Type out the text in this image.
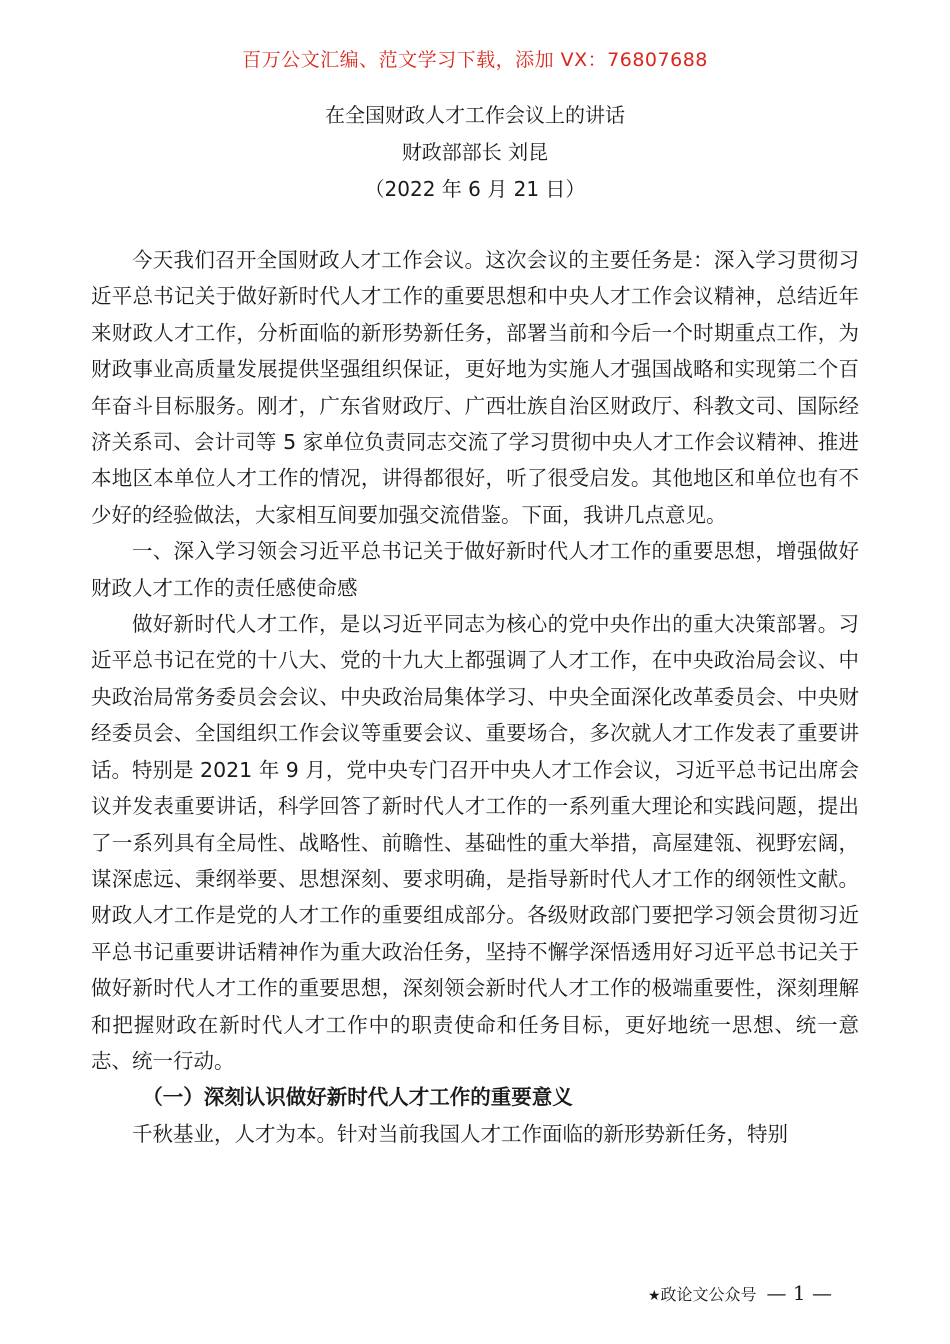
百万公文汇编、范文学习下载，添加 VX：76807688
在全国财政人才工作会议上的讲话
财政部部长 刘昆
（2022 年 6 月 21 日）

今天我们召开全国财政人才工作会议。这次会议的主要任务是：深入学习贯彻习近平总书记关于做好新时代人才工作的重要思想和中央人才工作会议精神，总结近年来财政人才工作，分析面临的新形势新任务，部署当前和今后一个时期重点工作，为财政事业高质量发展提供坚强组织保证，更好地为实施人才强国战略和实现第二个百年奋斗目标服务。刚才，广东省财政厅、广西壮族自治区财政厅、科教文司、国际经济关系司、会计司等 5 家单位负责同志交流了学习贯彻中央人才工作会议精神、推进本地区本单位人才工作的情况，讲得都很好，听了很受启发。其他地区和单位也有不少好的经验做法，大家相互间要加强交流借鉴。下面，我讲几点意见。

一、深入学习领会习近平总书记关于做好新时代人才工作的重要思想，增强做好财政人才工作的责任感使命感

做好新时代人才工作，是以习近平同志为核心的党中央作出的重大决策部署。习近平总书记在党的十八大、党的十九大上都强调了人才工作，在中央政治局会议、中央政治局常务委员会会议、中央政治局集体学习、中央全面深化改革委员会、中央财经委员会、全国组织工作会议等重要会议、重要场合，多次就人才工作发表了重要讲话。特别是 2021 年 9 月，党中央专门召开中央人才工作会议，习近平总书记出席会议并发表重要讲话，科学回答了新时代人才工作的一系列重大理论和实践问题，提出了一系列具有全局性、战略性、前瞻性、基础性的重大举措，高屋建瓴、视野宏阔，谋深虑远、秉纲举要、思想深刻、要求明确，是指导新时代人才工作的纲领性文献。财政人才工作是党的人才工作的重要组成部分。各级财政部门要把学习领会贯彻习近平总书记重要讲话精神作为重大政治任务，坚持不懈学深悟透用好习近平总书记关于做好新时代人才工作的重要思想，深刻领会新时代人才工作的极端重要性，深刻理解和把握财政在新时代人才工作中的职责使命和任务目标，更好地统一思想、统一意志、统一行动。

（一）深刻认识做好新时代人才工作的重要意义

千秋基业，人才为本。针对当前我国人才工作面临的新形势新任务，特别

★政论文公众号 — 1 —
